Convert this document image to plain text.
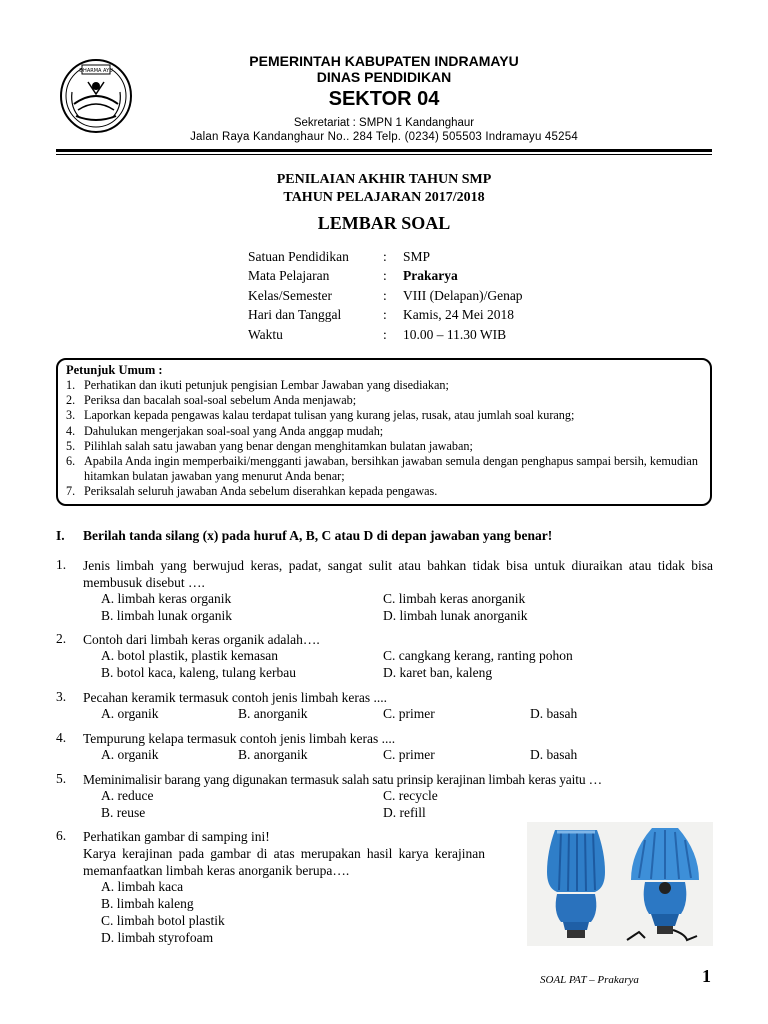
DHARMA AYU
PEMERINTAH KABUPATEN INDRAMAYU
DINAS PENDIDIKAN
SEKTOR 04
Sekretariat : SMPN 1 Kandanghaur
Jalan Raya Kandanghaur No.. 284 Telp. (0234) 505503 Indramayu 45254
PENILAIAN AKHIR TAHUN SMP
TAHUN PELAJARAN 2017/2018
LEMBAR SOAL
Satuan Pendidikan	: SMP
Mata Pelajaran	: Prakarya
Kelas/Semester	: VIII (Delapan)/Genap
Hari dan Tanggal	: Kamis, 24 Mei 2018
Waktu	: 10.00 – 11.30 WIB
Petunjuk Umum :
1. Perhatikan dan ikuti petunjuk pengisian Lembar Jawaban yang disediakan;
2. Periksa dan bacalah soal-soal sebelum Anda menjawab;
3. Laporkan kepada pengawas kalau terdapat tulisan yang kurang jelas, rusak, atau jumlah soal kurang;
4. Dahulukan mengerjakan soal-soal yang Anda anggap mudah;
5. Pilihlah salah satu jawaban yang benar dengan menghitamkan bulatan jawaban;
6. Apabila Anda ingin memperbaiki/mengganti jawaban, bersihkan jawaban semula dengan penghapus sampai bersih, kemudian hitamkan bulatan jawaban yang menurut Anda benar;
7. Periksalah seluruh jawaban Anda sebelum diserahkan kepada pengawas.
I. Berilah tanda silang (x) pada huruf A, B, C atau D di depan jawaban yang benar!
1. Jenis limbah yang berwujud keras, padat, sangat sulit atau bahkan tidak bisa untuk diuraikan atau tidak bisa membusuk disebut ….
A. limbah keras organik
B. limbah lunak organik
C. limbah keras anorganik
D. limbah lunak anorganik
2. Contoh dari limbah keras organik adalah….
A. botol plastik, plastik kemasan
B. botol kaca, kaleng, tulang kerbau
C. cangkang kerang, ranting pohon
D. karet ban, kaleng
3. Pecahan keramik termasuk contoh jenis limbah keras ....
A. organik	B. anorganik	C. primer	D. basah
4. Tempurung kelapa termasuk contoh jenis limbah keras ....
A. organik	B. anorganik	C. primer	D. basah
5. Meminimalisir barang yang digunakan termasuk salah satu prinsip kerajinan limbah keras yaitu …
A. reduce
B. reuse
C. recycle
D. refill
6. Perhatikan gambar di samping ini!
Karya kerajinan pada gambar di atas merupakan hasil karya kerajinan memanfaatkan limbah keras anorganik berupa….
A. limbah kaca
B. limbah kaleng
C. limbah botol plastik
D. limbah styrofoam
SOAL PAT – Prakarya	1
